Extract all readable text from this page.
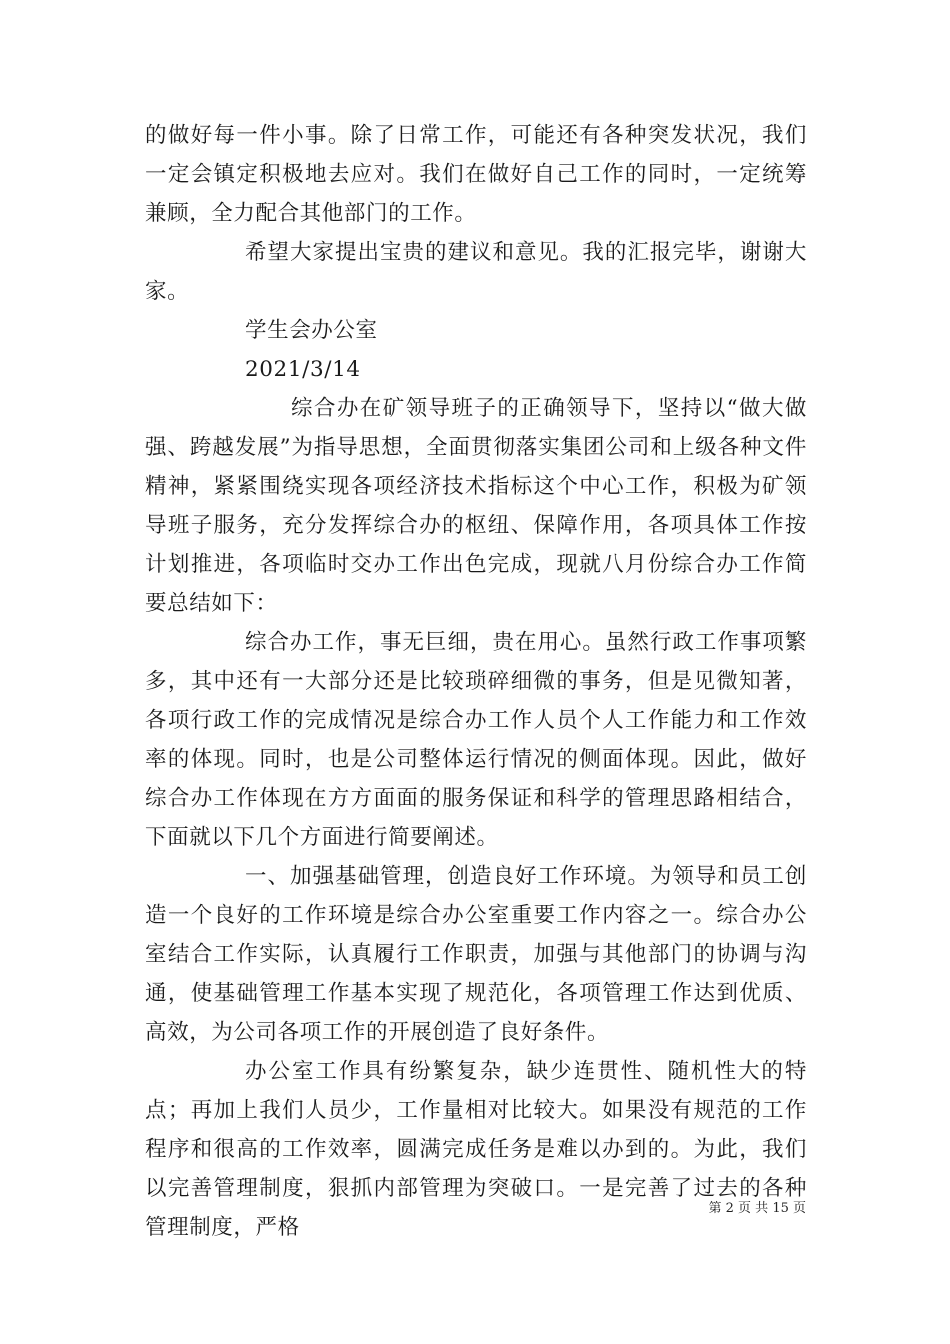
的做好每一件小事。除了日常工作，可能还有各种突发状况，我们一定会镇定积极地去应对。我们在做好自己工作的同时，一定统筹兼顾，全力配合其他部门的工作。

希望大家提出宝贵的建议和意见。我的汇报完毕，谢谢大家。

学生会办公室

2021/3/14

综合办在矿领导班子的正确领导下，坚持以“做大做强、跨越发展”为指导思想，全面贯彻落实集团公司和上级各种文件精神，紧紧围绕实现各项经济技术指标这个中心工作，积极为矿领导班子服务，充分发挥综合办的枢纽、保障作用，各项具体工作按计划推进，各项临时交办工作出色完成，现就八月份综合办工作简要总结如下：

综合办工作，事无巨细，贵在用心。虽然行政工作事项繁多，其中还有一大部分还是比较琐碎细微的事务，但是见微知著，各项行政工作的完成情况是综合办工作人员个人工作能力和工作效率的体现。同时，也是公司整体运行情况的侧面体现。因此，做好综合办工作体现在方方面面的服务保证和科学的管理思路相结合，下面就以下几个方面进行简要阐述。

一、加强基础管理，创造良好工作环境。为领导和员工创造一个良好的工作环境是综合办公室重要工作内容之一。综合办公室结合工作实际，认真履行工作职责，加强与其他部门的协调与沟通，使基础管理工作基本实现了规范化，各项管理工作达到优质、高效，为公司各项工作的开展创造了良好条件。

办公室工作具有纷繁复杂，缺少连贯性、随机性大的特点；再加上我们人员少，工作量相对比较大。如果没有规范的工作程序和很高的工作效率，圆满完成任务是难以办到的。为此，我们以完善管理制度，狠抓内部管理为突破口。一是完善了过去的各种管理制度，严格

第 2 页 共 15 页
